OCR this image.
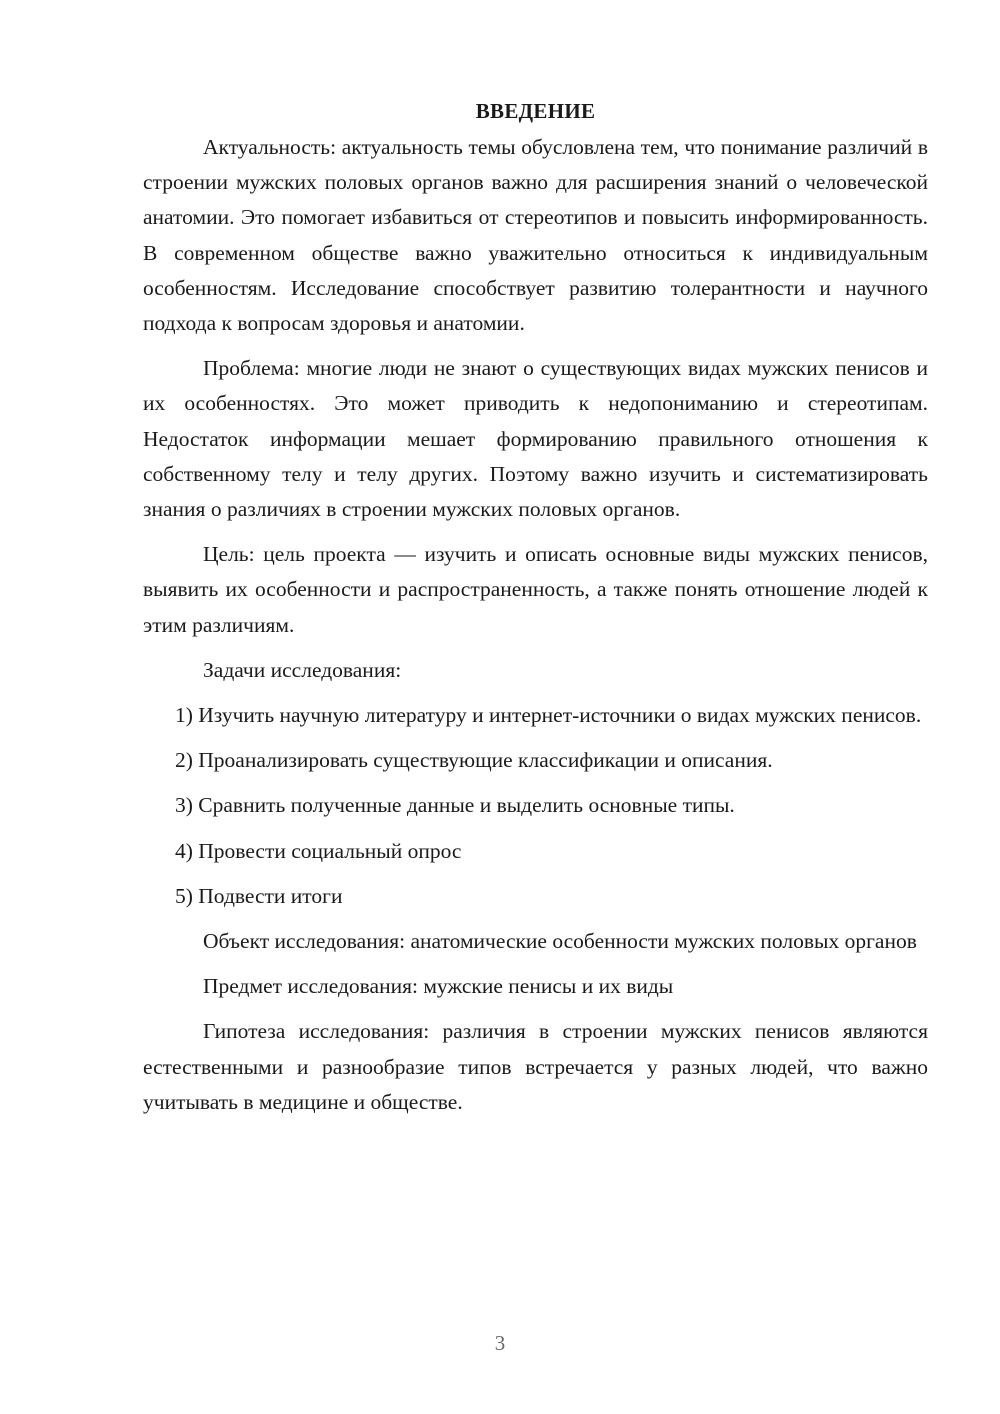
ВВЕДЕНИЕ

Актуальность: актуальность темы обусловлена тем, что понимание различий в строении мужских половых органов важно для расширения знаний о человеческой анатомии. Это помогает избавиться от стереотипов и повысить информированность. В современном обществе важно уважительно относиться к индивидуальным особенностям. Исследование способствует развитию толерантности и научного подхода к вопросам здоровья и анатомии.

Проблема: многие люди не знают о существующих видах мужских пенисов и их особенностях. Это может приводить к недопониманию и стереотипам. Недостаток информации мешает формированию правильного отношения к собственному телу и телу других. Поэтому важно изучить и систематизировать знания о различиях в строении мужских половых органов.

Цель: цель проекта — изучить и описать основные виды мужских пенисов, выявить их особенности и распространенность, а также понять отношение людей к этим различиям.

Задачи исследования:

1) Изучить научную литературу и интернет-источники о видах мужских пенисов.

2) Проанализировать существующие классификации и описания.

3) Сравнить полученные данные и выделить основные типы.

4) Провести социальный опрос

5) Подвести итоги

Объект исследования: анатомические особенности мужских половых органов

Предмет исследования: мужские пенисы и их виды

Гипотеза исследования: различия в строении мужских пенисов являются естественными и разнообразие типов встречается у разных людей, что важно учитывать в медицине и обществе.

3
